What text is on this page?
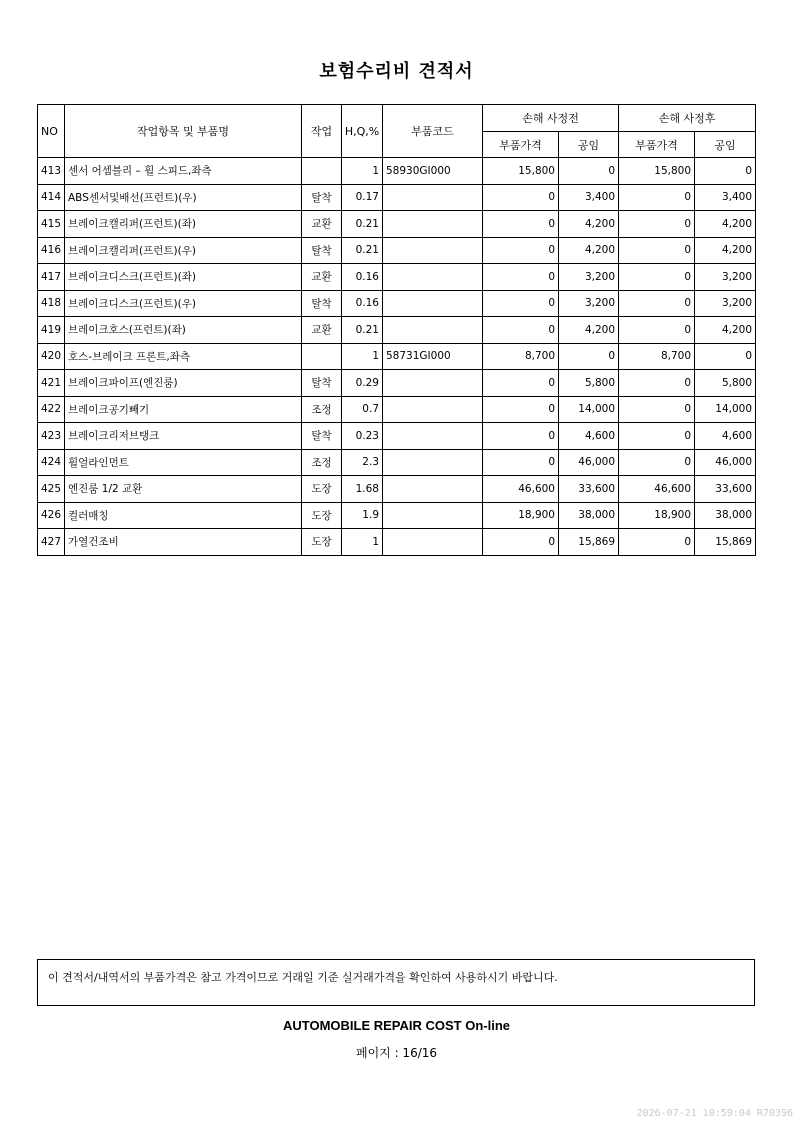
보험수리비 견적서
NO	작업항목 및 부품명	작업	H,Q,%	부품코드	손해 사정전		손해 사정후	
					부품가격	공임	부품가격	공임
413	센서 어셈블리 – 휠 스피드,좌측		1	58930GI000	15,800	0	15,800	0
414	ABS센서및배선(프런트)(우)	탈착	0.17		0	3,400	0	3,400
415	브레이크캘리퍼(프런트)(좌)	교환	0.21		0	4,200	0	4,200
416	브레이크캘리퍼(프런트)(우)	탈착	0.21		0	4,200	0	4,200
417	브레이크디스크(프런트)(좌)	교환	0.16		0	3,200	0	3,200
418	브레이크디스크(프런트)(우)	탈착	0.16		0	3,200	0	3,200
419	브레이크호스(프런트)(좌)	교환	0.21		0	4,200	0	4,200
420	호스-브레이크 프론트,좌측		1	58731GI000	8,700	0	8,700	0
421	브레이크파이프(엔진룸)	탈착	0.29		0	5,800	0	5,800
422	브레이크공기빼기	조정	0.7		0	14,000	0	14,000
423	브레이크리저브탱크	탈착	0.23		0	4,600	0	4,600
424	휠얼라인먼트	조정	2.3		0	46,000	0	46,000
425	엔진룸 1/2 교환	도장	1.68		46,600	33,600	46,600	33,600
426	컬러매칭	도장	1.9		18,900	38,000	18,900	38,000
427	가열건조비	도장	1		0	15,869	0	15,869
이 견적서/내역서의 부품가격은 참고 가격이므로 거래일 기준 실거래가격을 확인하여 사용하시기 바랍니다.
AUTOMOBILE REPAIR COST On-line
페이지 : 16/16
2026-07-21 10:59:04 R70396
